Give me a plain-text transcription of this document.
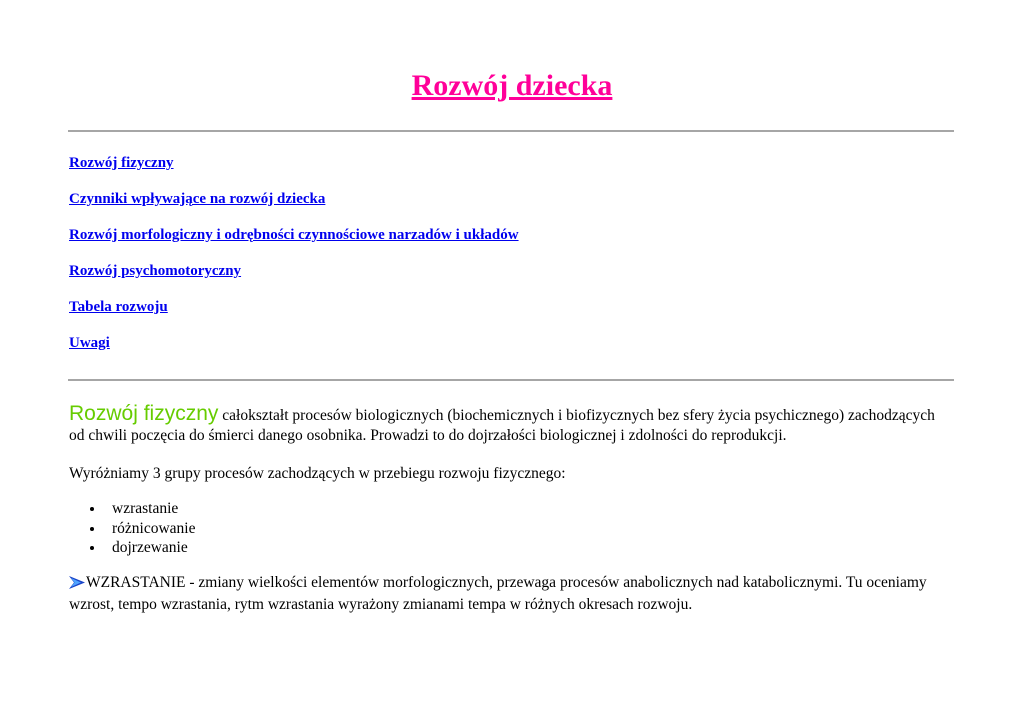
Rozwój dziecka
Rozwój fizyczny
Czynniki wpływające na rozwój dziecka
Rozwój morfologiczny i odrębności czynnościowe narzadów i układów
Rozwój psychomotoryczny
Tabela rozwoju
Uwagi

Rozwój fizyczny całokształt procesów biologicznych (biochemicznych i biofizycznych bez sfery życia psychicznego) zachodzących od chwili poczęcia do śmierci danego osobnika. Prowadzi to do dojrzałości biologicznej i zdolności do reprodukcji.

Wyróżniamy 3 grupy procesów zachodzących w przebiegu rozwoju fizycznego:

wzrastanie
różnicowanie
dojrzewanie

WZRASTANIE - zmiany wielkości elementów morfologicznych, przewaga procesów anabolicznych nad katabolicznymi. Tu oceniamy wzrost, tempo wzrastania, rytm wzrastania wyrażony zmianami tempa w różnych okresach rozwoju.
